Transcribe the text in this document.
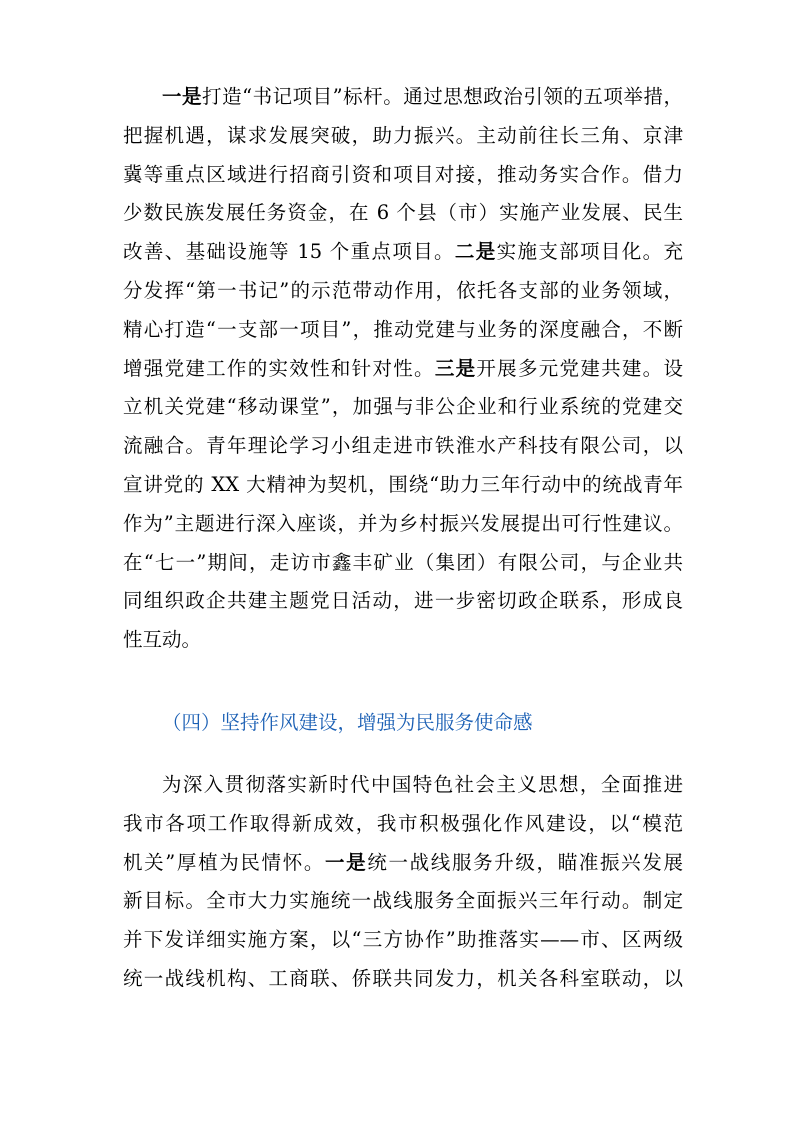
一是打造“书记项目”标杆。通过思想政治引领的五项举措，
把握机遇，谋求发展突破，助力振兴。主动前往长三角、京津
冀等重点区域进行招商引资和项目对接，推动务实合作。借力
少数民族发展任务资金，在 6 个县（市）实施产业发展、民生
改善、基础设施等 15 个重点项目。二是实施支部项目化。充
分发挥“第一书记”的示范带动作用，依托各支部的业务领域，
精心打造“一支部一项目”，推动党建与业务的深度融合，不断
增强党建工作的实效性和针对性。三是开展多元党建共建。设
立机关党建“移动课堂”，加强与非公企业和行业系统的党建交
流融合。青年理论学习小组走进市铁淮水产科技有限公司，以
宣讲党的 XX 大精神为契机，围绕“助力三年行动中的统战青年
作为”主题进行深入座谈，并为乡村振兴发展提出可行性建议。
在“七一”期间，走访市鑫丰矿业（集团）有限公司，与企业共
同组织政企共建主题党日活动，进一步密切政企联系，形成良
性互动。
（四）坚持作风建设，增强为民服务使命感
为深入贯彻落实新时代中国特色社会主义思想，全面推进
我市各项工作取得新成效，我市积极强化作风建设，以“模范
机关”厚植为民情怀。一是统一战线服务升级，瞄准振兴发展
新目标。全市大力实施统一战线服务全面振兴三年行动。制定
并下发详细实施方案，以“三方协作”助推落实——市、区两级
统一战线机构、工商联、侨联共同发力，机关各科室联动，以
